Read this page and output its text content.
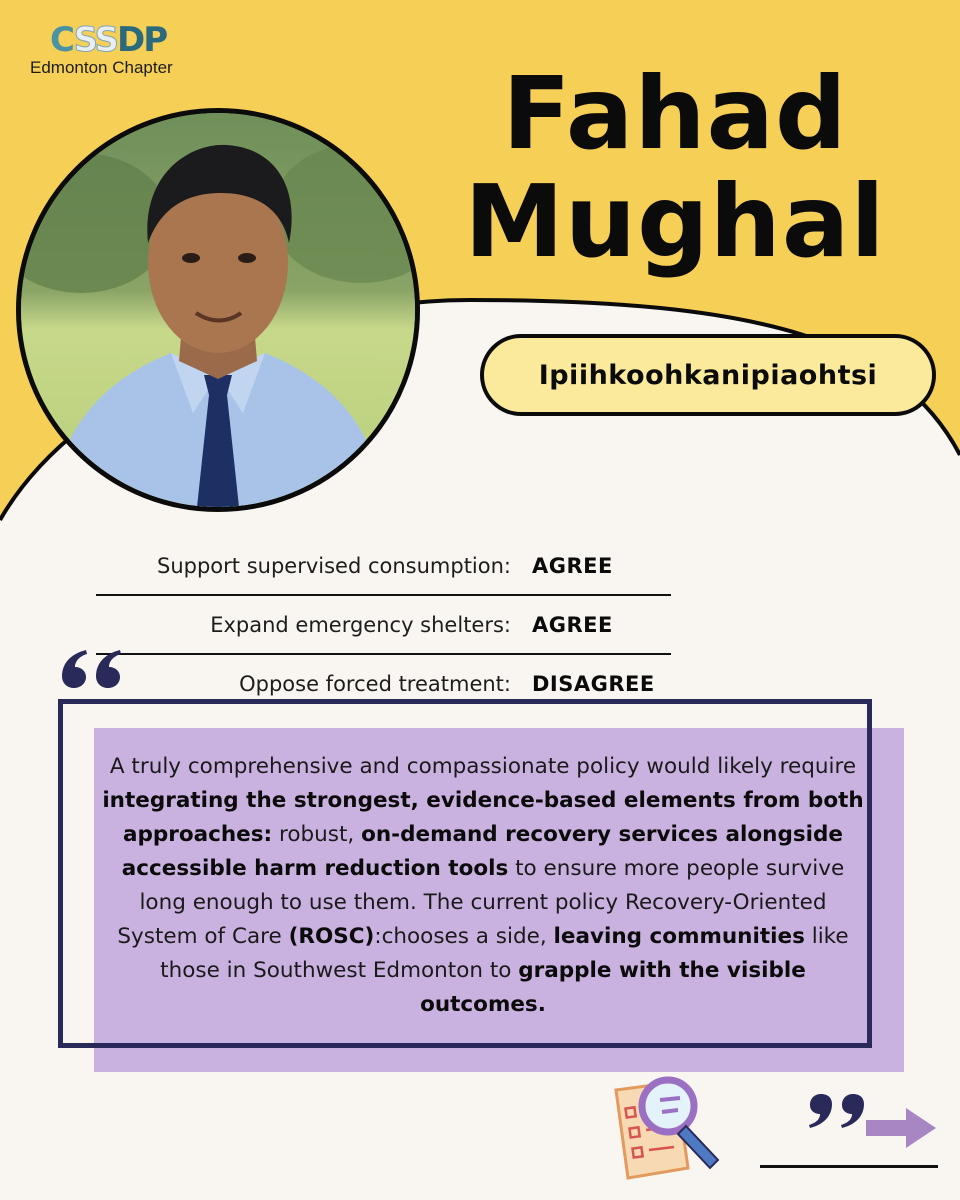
CSSDP
Edmonton Chapter	Fahad
Mughal
Ipiihkoohkanipiaohtsi
Support supervised consumption: AGREE
Expand emergency shelters: AGREE
Oppose forced treatment: DISAGREE

A truly comprehensive and compassionate policy would likely require integrating the strongest, evidence-based elements from both approaches: robust, on-demand recovery services alongside accessible harm reduction tools to ensure more people survive long enough to use them. The current policy Recovery-Oriented System of Care (ROSC):chooses a side, leaving communities like those in Southwest Edmonton to grapple with the visible outcomes.
